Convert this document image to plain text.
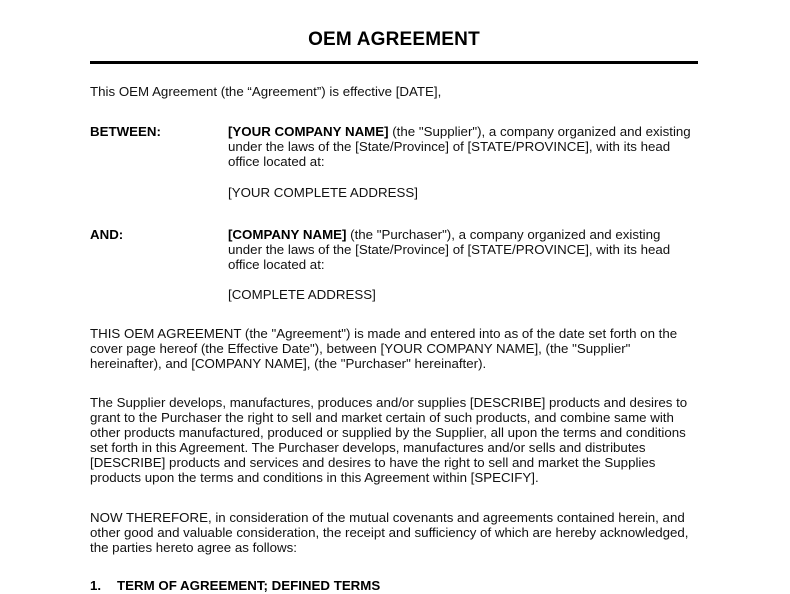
OEM AGREEMENT

This OEM Agreement (the “Agreement”) is effective [DATE],

BETWEEN:	[YOUR COMPANY NAME] (the "Supplier"), a company organized and existing under the laws of the [State/Province] of [STATE/PROVINCE], with its head office located at:
[YOUR COMPLETE ADDRESS]
AND:	[COMPANY NAME] (the "Purchaser"), a company organized and existing under the laws of the [State/Province] of [STATE/PROVINCE], with its head office located at:
[COMPLETE ADDRESS]

THIS OEM AGREEMENT (the "Agreement") is made and entered into as of the date set forth on the cover page hereof (the Effective Date"), between [YOUR COMPANY NAME], (the "Supplier" hereinafter), and [COMPANY NAME], (the "Purchaser" hereinafter).

The Supplier develops, manufactures, produces and/or supplies [DESCRIBE] products and desires to grant to the Purchaser the right to sell and market certain of such products, and combine same with other products manufactured, produced or supplied by the Supplier, all upon the terms and conditions set forth in this Agreement. The Purchaser develops, manufactures and/or sells and distributes [DESCRIBE] products and services and desires to have the right to sell and market the Supplies products upon the terms and conditions in this Agreement within [SPECIFY].

NOW THEREFORE, in consideration of the mutual covenants and agreements contained herein, and other good and valuable consideration, the receipt and sufficiency of which are hereby acknowledged, the parties hereto agree as follows:

1.	TERM OF AGREEMENT; DEFINED TERMS
